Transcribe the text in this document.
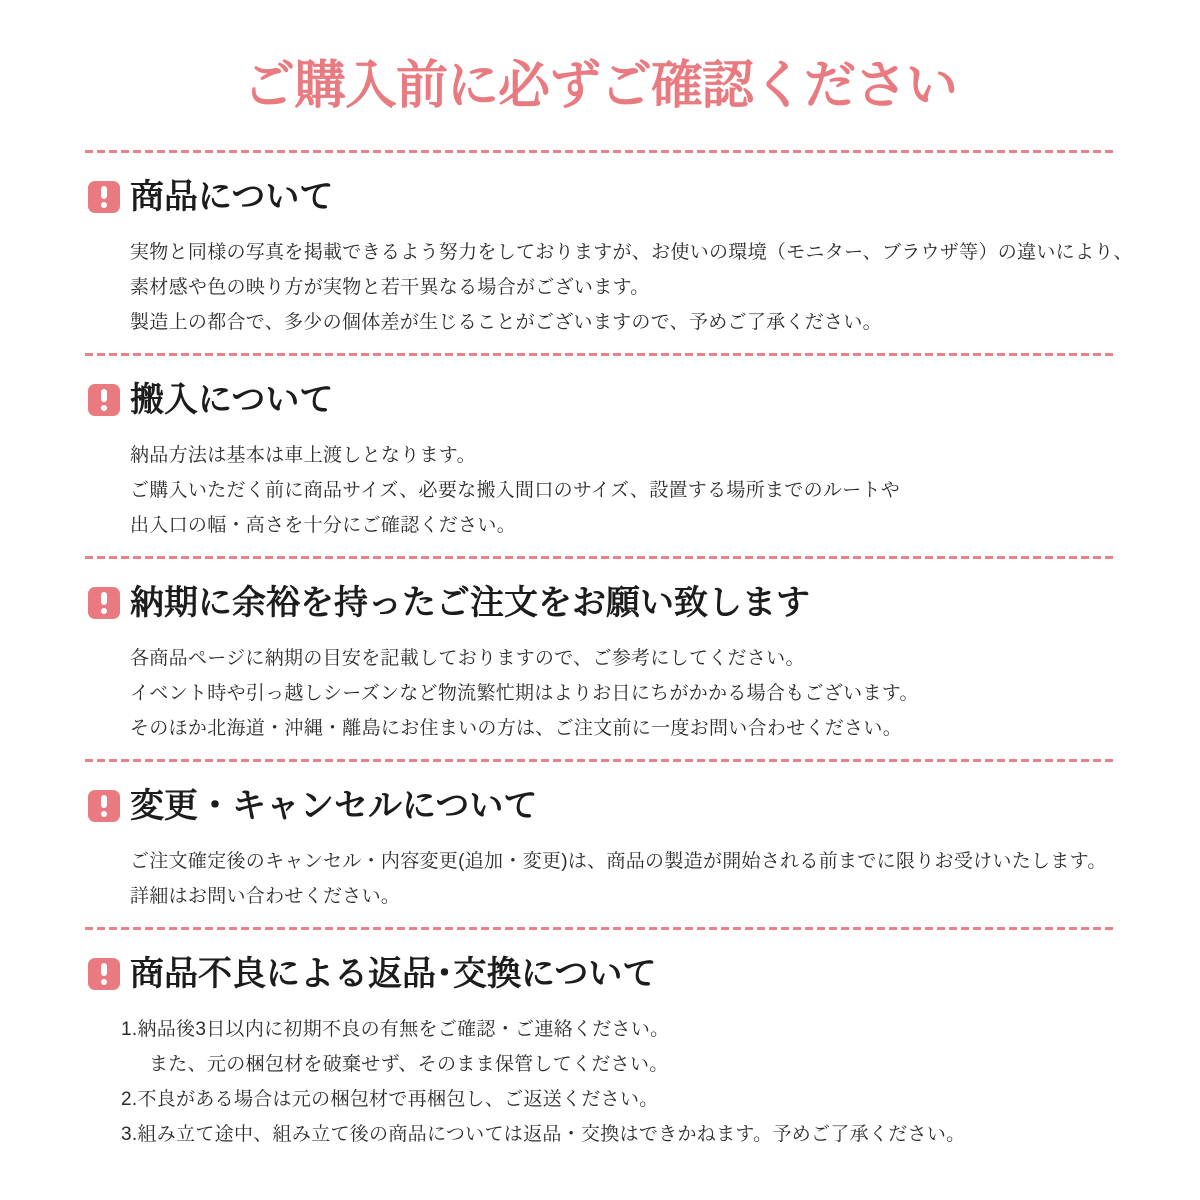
ご購入前に必ずご確認ください
商品について

実物と同様の写真を掲載できるよう努力をしておりますが、お使いの環境（モニター、ブラウザ等）の違いにより、

素材感や色の映り方が実物と若干異なる場合がございます。

製造上の都合で、多少の個体差が生じることがございますので、予めご了承ください。

搬入について

納品方法は基本は車上渡しとなります。

ご購入いただく前に商品サイズ、必要な搬入間口のサイズ、設置する場所までのルートや

出入口の幅・高さを十分にご確認ください。

納期に余裕を持ったご注文をお願い致します

各商品ページに納期の目安を記載しておりますので、ご参考にしてください。

イベント時や引っ越しシーズンなど物流繁忙期はよりお日にちがかかる場合もございます。

そのほか北海道・沖縄・離島にお住まいの方は、ご注文前に一度お問い合わせください。

変更・キャンセルについて

ご注文確定後のキャンセル・内容変更(追加・変更)は、商品の製造が開始される前までに限りお受けいたします。

詳細はお問い合わせください。

商品不良による返品･交換について

1.納品後3日以内に初期不良の有無をご確認・ご連絡ください。

また、元の梱包材を破棄せず、そのまま保管してください。

2.不良がある場合は元の梱包材で再梱包し、ご返送ください。

3.組み立て途中、組み立て後の商品については返品・交換はできかねます。予めご了承ください。
